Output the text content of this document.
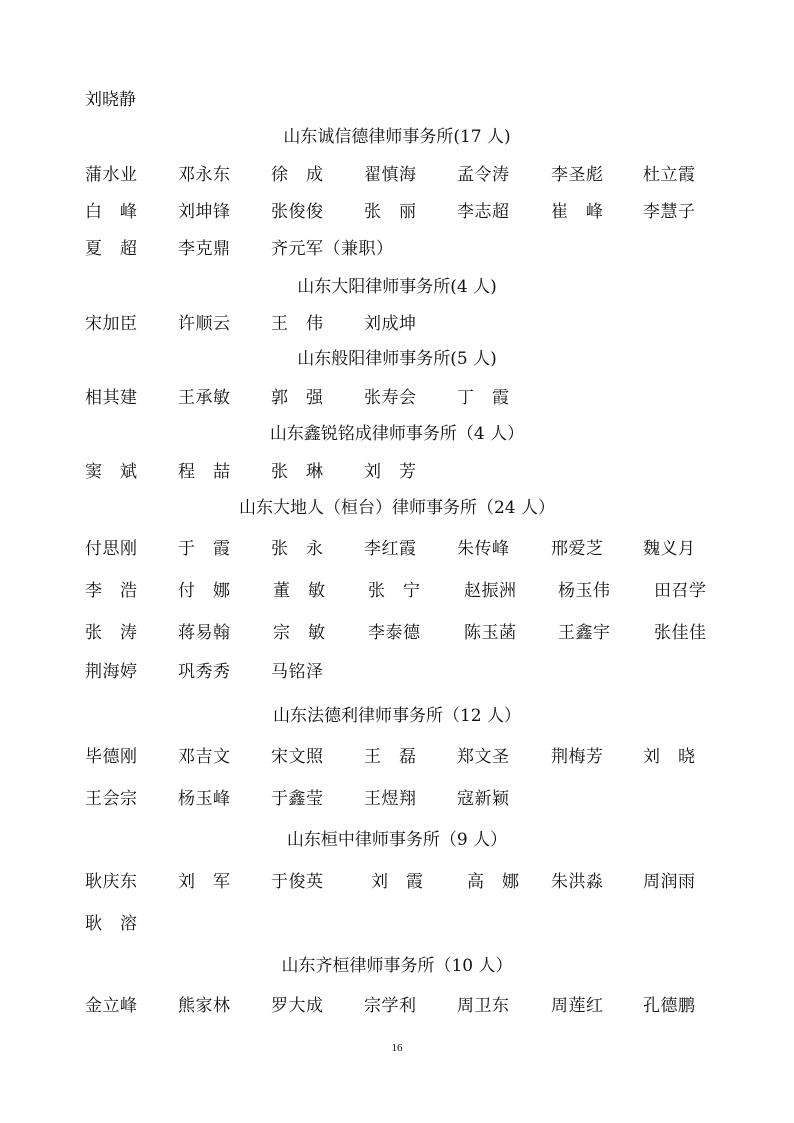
刘晓静
山东诚信德律师事务所(17 人)
蒲水业 邓永东 徐　成 翟慎海 孟令涛 李圣彪 杜立霞
白　峰 刘坤锋 张俊俊 张　丽 李志超 崔　峰 李慧子
夏　超 李克鼎 齐元军（兼职）
山东大阳律师事务所(4 人)
宋加臣 许顺云 王　伟 刘成坤
山东般阳律师事务所(5 人)
相其建 王承敏 郭　强 张寿会 丁　霞
山东鑫锐铭成律师事务所（4 人）
窦　斌 程　喆 张　琳 刘　芳
山东大地人（桓台）律师事务所（24 人）
付思刚 于　霞 张　永 李红霞 朱传峰 邢爱芝 魏义月
李　浩 付　娜	董　敏	张　宁	赵振洲 杨玉伟	田召学
张　涛 蒋易翰	宗　敏	李泰德	陈玉菡 王鑫宇	张佳佳
荆海婷 巩秀秀 马铭泽
山东法德利律师事务所（12 人）
毕德刚 邓吉文 宋文照 王　磊 郑文圣 荆梅芳 刘　晓
王会宗 杨玉峰 于鑫莹 王煜翔 寇新颖
山东桓中律师事务所（9 人）
耿庆东 刘　军 于俊英	刘　霞	高　娜 朱洪淼 周润雨
耿　溶
山东齐桓律师事务所（10 人）
金立峰 熊家林 罗大成 宗学利 周卫东 周莲红 孔德鹏
16
